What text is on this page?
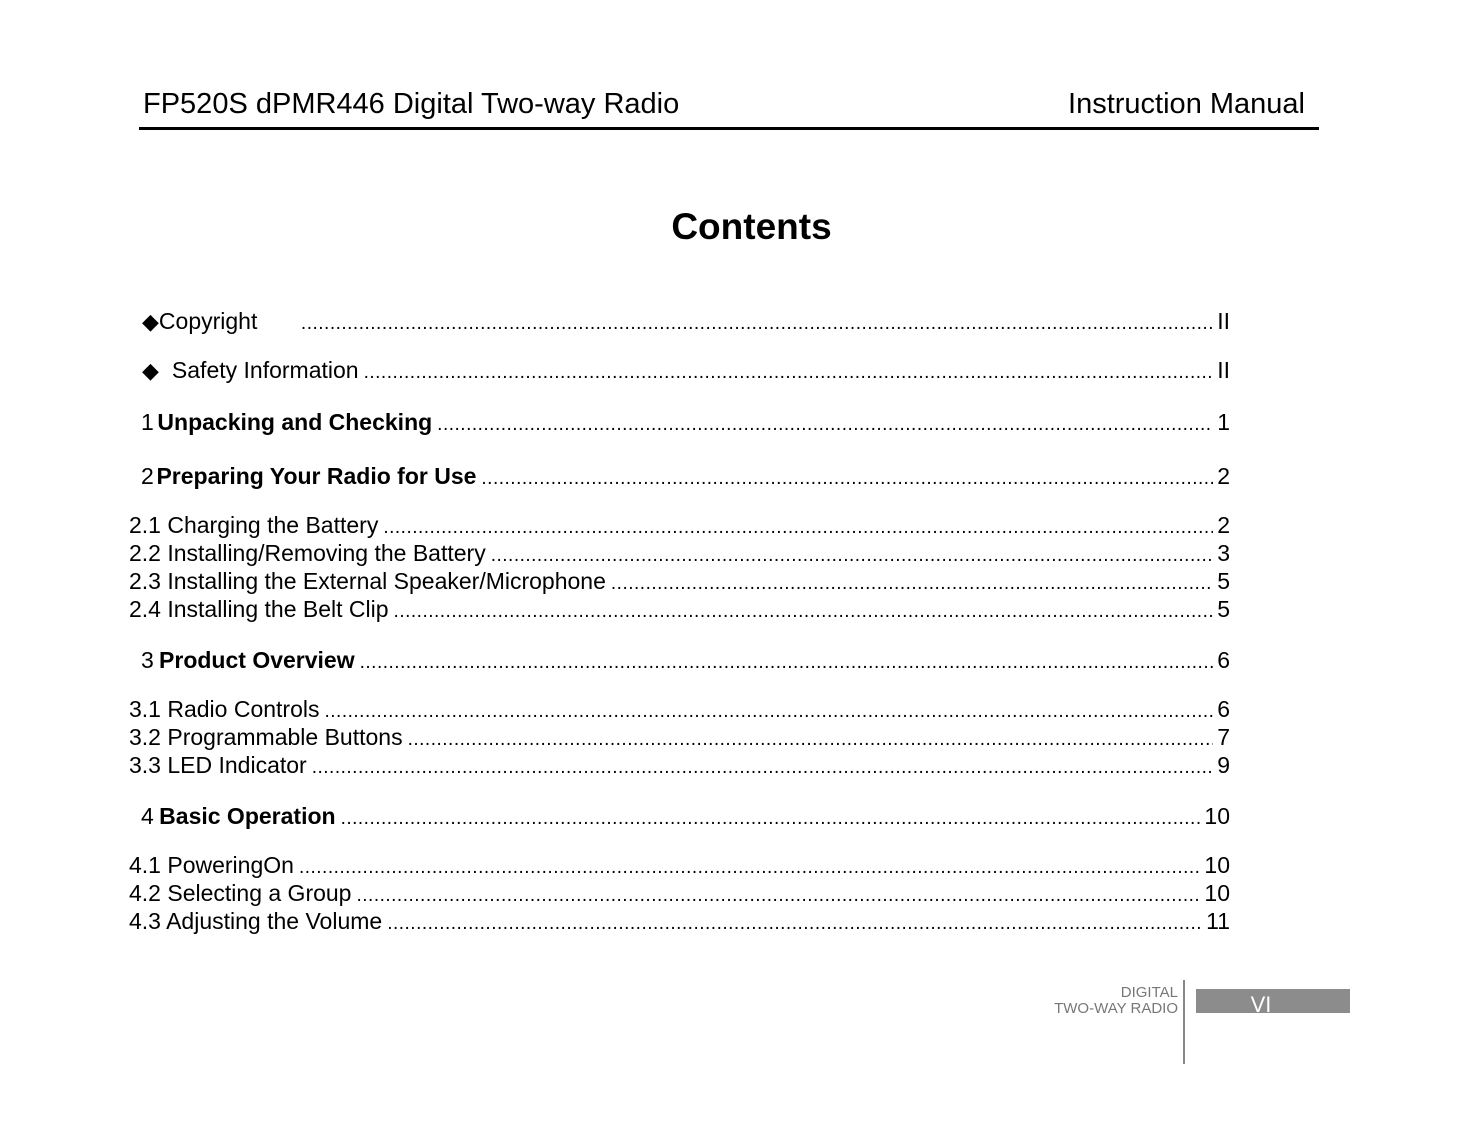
FP520S dPMR446 Digital Two-way Radio	Instruction Manual
Contents
◆ Copyright .....	II
◆ Safety Information .....	II
1 Unpacking and Checking .....	1
2 Preparing Your Radio for Use .....	2
2.1 Charging the Battery .....	2
2.2 Installing/Removing the Battery .....	3
2.3 Installing the External Speaker/Microphone .....	5
2.4 Installing the Belt Clip .....	5
3 Product Overview .....	6
3.1 Radio Controls .....	6
3.2 Programmable Buttons .....	7
3.3 LED Indicator .....	9
4 Basic Operation .....	10
4.1 PoweringOn .....	10
4.2 Selecting a Group .....	10
4.3 Adjusting the Volume .....	11
DIGITAL
TWO-WAY RADIO	VI
